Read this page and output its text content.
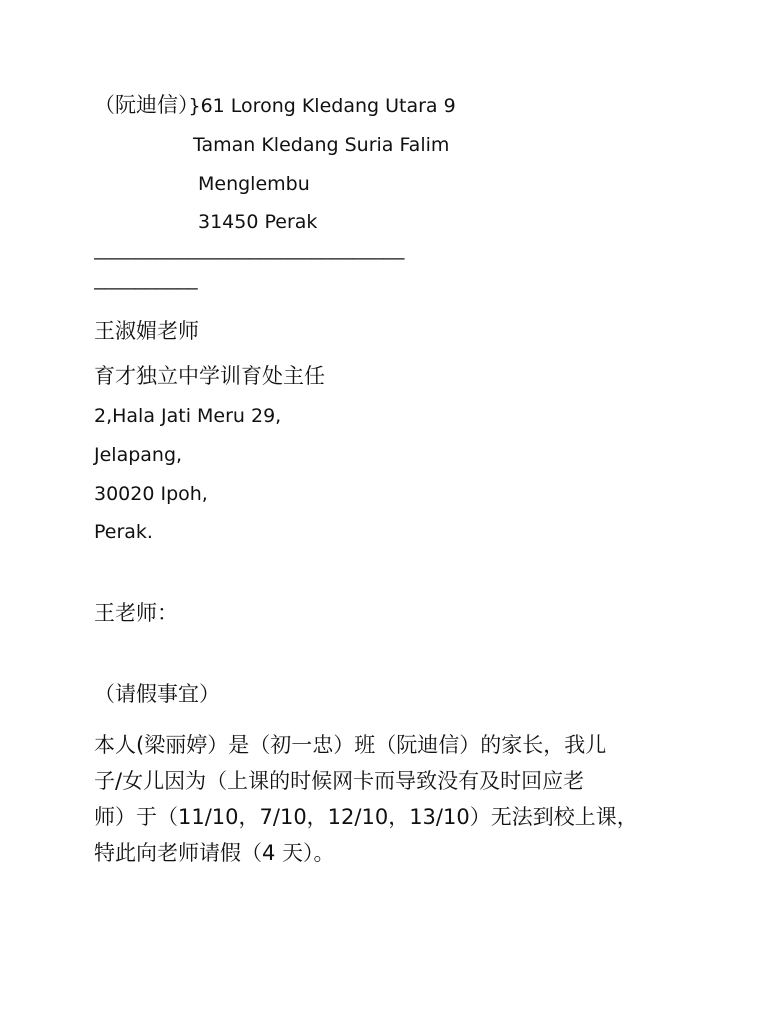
（阮迪信）}61 Lorong Kledang Utara 9
Taman Kledang Suria Falim
Menglembu
31450 Perak
——————————————————————————————
——————————
王淑媚老师
育才独立中学训育处主任
2,Hala Jati Meru 29,
Jelapang,
30020 Ipoh,
Perak.
王老师：
（请假事宜）
本人(梁丽婷）是（初一忠）班（阮迪信）的家长，我儿
子/女儿因为（上课的时候网卡而导致没有及时回应老
师）于（11/10，7/10，12/10，13/10）无法到校上课，
特此向老师请假（4 天）。
